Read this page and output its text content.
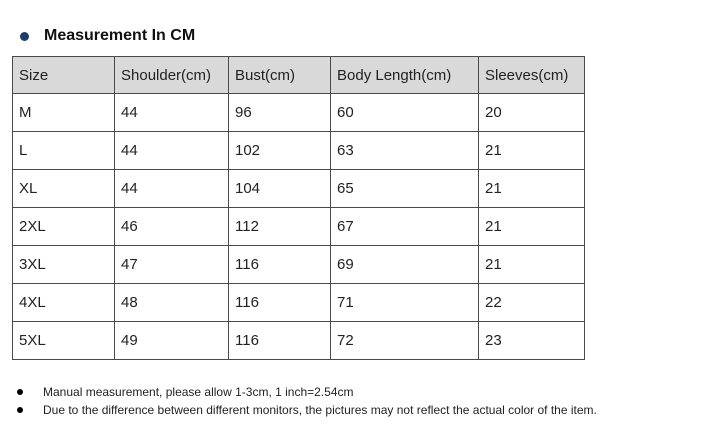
Measurement In CM
Size	Shoulder(cm)	Bust(cm)	Body Length(cm)	Sleeves(cm)
M	44	96	60	20
L	44	102	63	21
XL	44	104	65	21
2XL	46	112	67	21
3XL	47	116	69	21
4XL	48	116	71	22
5XL	49	116	72	23
Manual measurement, please allow 1-3cm, 1 inch=2.54cm
Due to the difference between different monitors, the pictures may not reflect the actual color of the item.
